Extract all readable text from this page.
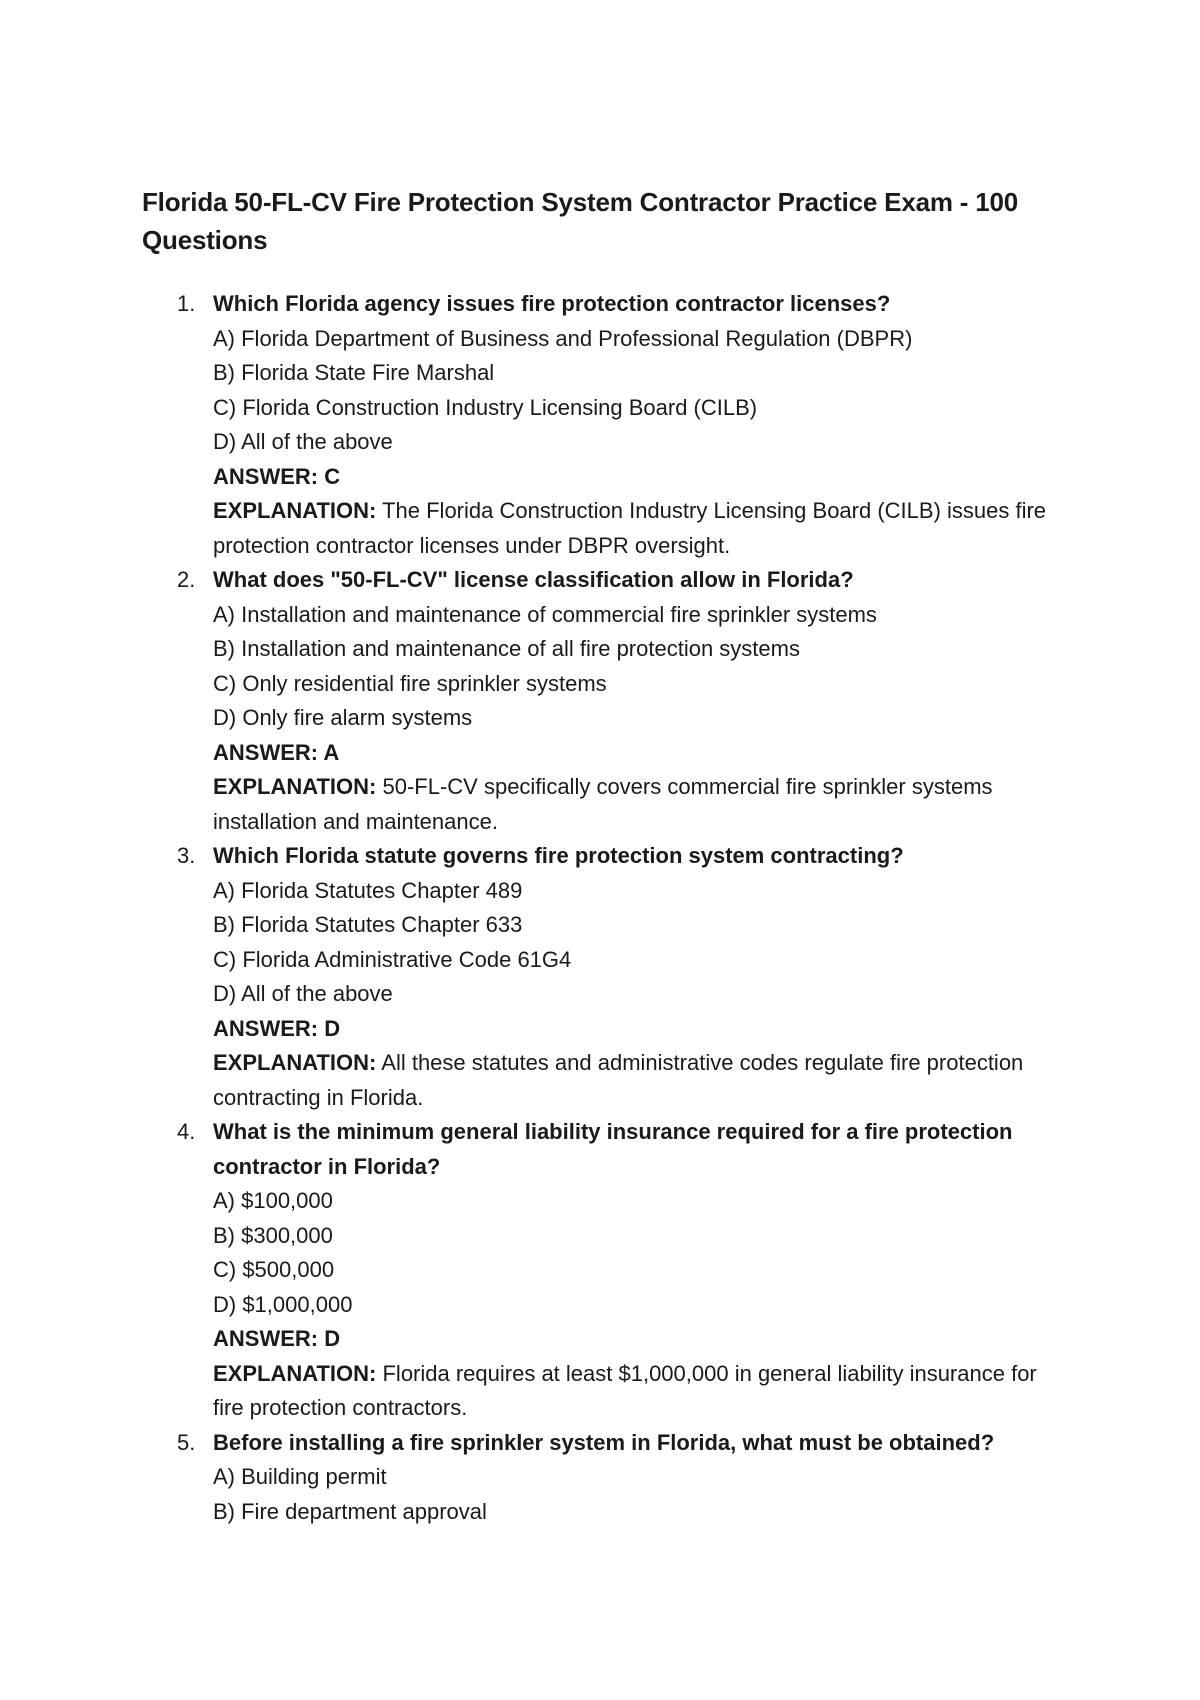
Florida 50-FL-CV Fire Protection System Contractor Practice Exam - 100 Questions
1. Which Florida agency issues fire protection contractor licenses?
A) Florida Department of Business and Professional Regulation (DBPR)
B) Florida State Fire Marshal
C) Florida Construction Industry Licensing Board (CILB)
D) All of the above
ANSWER: C
EXPLANATION: The Florida Construction Industry Licensing Board (CILB) issues fire protection contractor licenses under DBPR oversight.
2. What does "50-FL-CV" license classification allow in Florida?
A) Installation and maintenance of commercial fire sprinkler systems
B) Installation and maintenance of all fire protection systems
C) Only residential fire sprinkler systems
D) Only fire alarm systems
ANSWER: A
EXPLANATION: 50-FL-CV specifically covers commercial fire sprinkler systems installation and maintenance.
3. Which Florida statute governs fire protection system contracting?
A) Florida Statutes Chapter 489
B) Florida Statutes Chapter 633
C) Florida Administrative Code 61G4
D) All of the above
ANSWER: D
EXPLANATION: All these statutes and administrative codes regulate fire protection contracting in Florida.
4. What is the minimum general liability insurance required for a fire protection contractor in Florida?
A) $100,000
B) $300,000
C) $500,000
D) $1,000,000
ANSWER: D
EXPLANATION: Florida requires at least $1,000,000 in general liability insurance for fire protection contractors.
5. Before installing a fire sprinkler system in Florida, what must be obtained?
A) Building permit
B) Fire department approval
